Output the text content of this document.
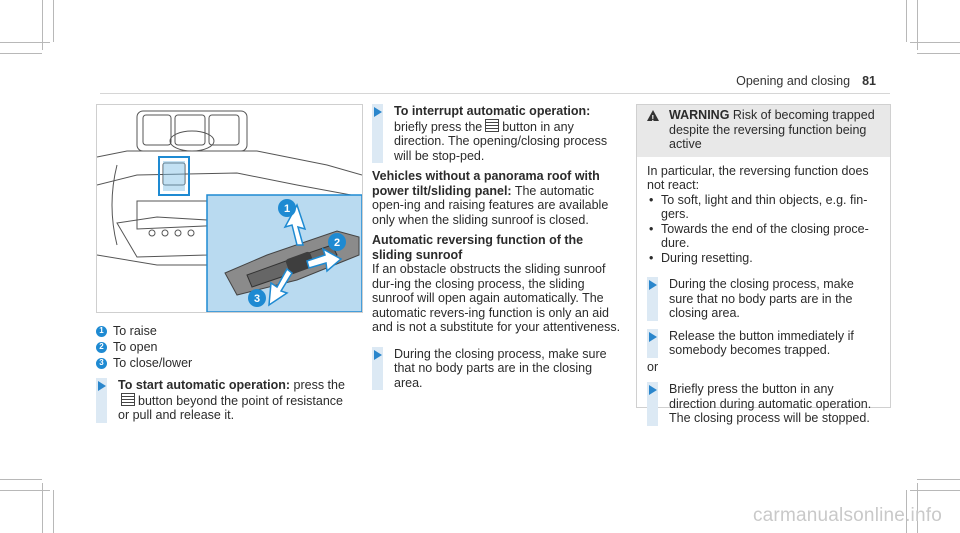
Opening and closing 81
1
2
3
1 To raise
2 To open
3 To close/lower
To start automatic operation: press the
button beyond the point of resistance or pull and release it.
To interrupt automatic operation: briefly press the button in any direction. The opening/closing process will be stop-ped.

Vehicles without a panorama roof with power tilt/sliding panel: The automatic open-ing and raising features are available only when the sliding sunroof is closed.

Automatic reversing function of the sliding sunroof
If an obstacle obstructs the sliding sunroof dur-ing the closing process, the sliding sunroof will open again automatically. The automatic revers-ing function is only an aid and is not a substitute for your attentiveness.

During the closing process, make sure that no body parts are in the closing area.
! WARNING Risk of becoming trapped despite the reversing function being active
In particular, the reversing function does not react:
• To soft, light and thin objects, e.g. fin-gers.
• Towards the end of the closing proce-dure.
• During resetting.
During the closing process, make sure that no body parts are in the closing area.
Release the button immediately if somebody becomes trapped.
or
Briefly press the button in any direction during automatic operation. The closing process will be stopped.
carmanualsonline.info
